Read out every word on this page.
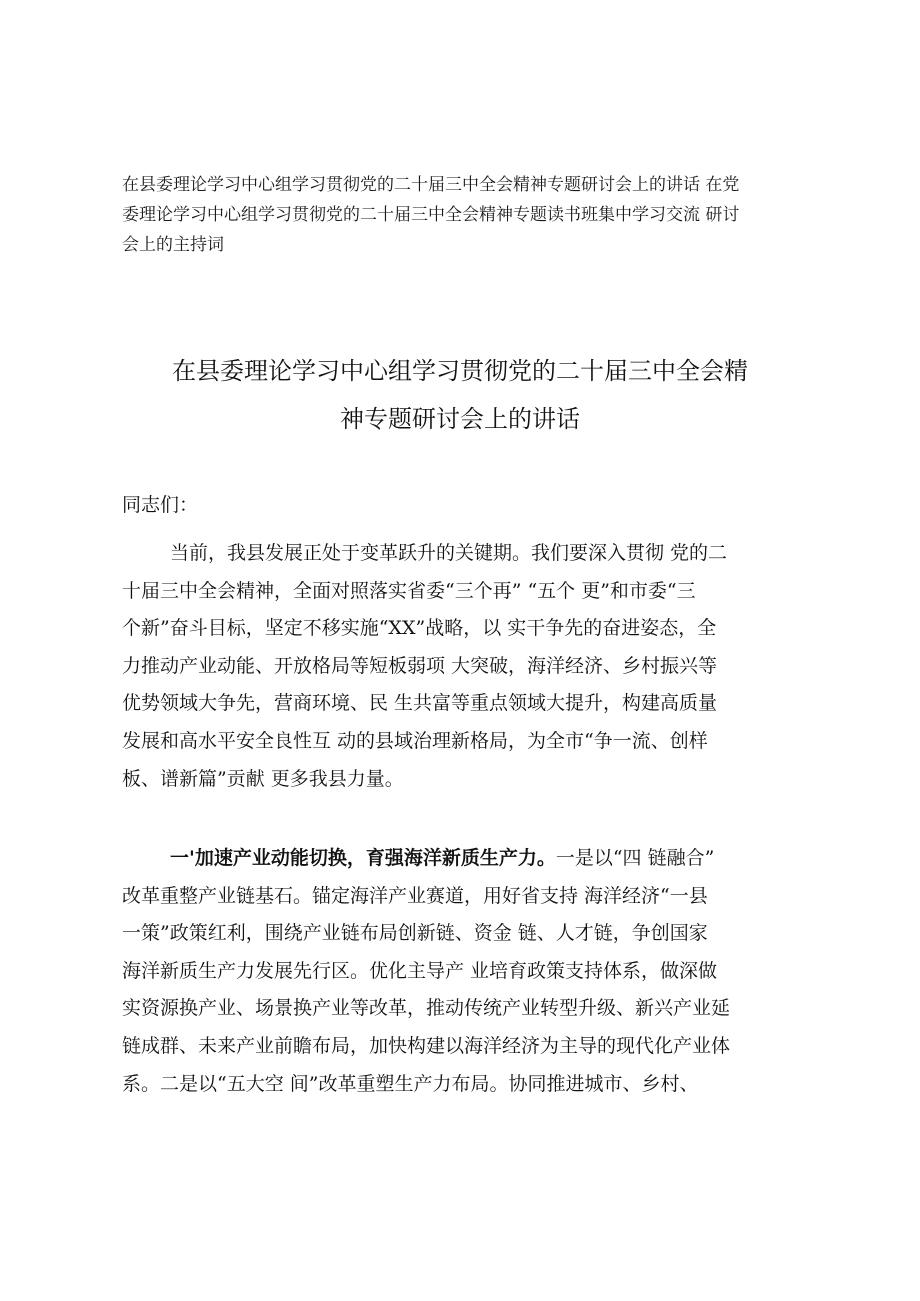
在县委理论学习中心组学习贯彻党的二十届三中全会精神专题研讨会上的讲话 在党
委理论学习中心组学习贯彻党的二十届三中全会精神专题读书班集中学习交流 研讨
会上的主持词
在县委理论学习中心组学习贯彻党的二十届三中全会精
神专题研讨会上的讲话

同志们：

当前，我县发展正处于变革跃升的关键期。我们要深入贯彻 党的二
十届三中全会精神，全面对照落实省委“三个再” “五个 更”和市委“三
个新”奋斗目标，坚定不移实施“XX”战略，以 实干争先的奋进姿态，全
力推动产业动能、开放格局等短板弱项 大突破，海洋经济、乡村振兴等
优势领域大争先，营商环境、民 生共富等重点领域大提升，构建高质量
发展和高水平安全良性互 动的县域治理新格局，为全市“争一流、创样
板、谱新篇”贡献 更多我县力量。
一'加速产业动能切换，育强海洋新质生产力。一是以“四 链融合”
改革重整产业链基石。锚定海洋产业赛道，用好省支持 海洋经济“一县
一策”政策红利，围绕产业链布局创新链、资金 链、人才链，争创国家
海洋新质生产力发展先行区。优化主导产 业培育政策支持体系，做深做
实资源换产业、场景换产业等改革，推动传统产业转型升级、新兴产业延
链成群、未来产业前瞻布局，加快构建以海洋经济为主导的现代化产业体
系。二是以“五大空 间”改革重塑生产力布局。协同推进城市、乡村、
